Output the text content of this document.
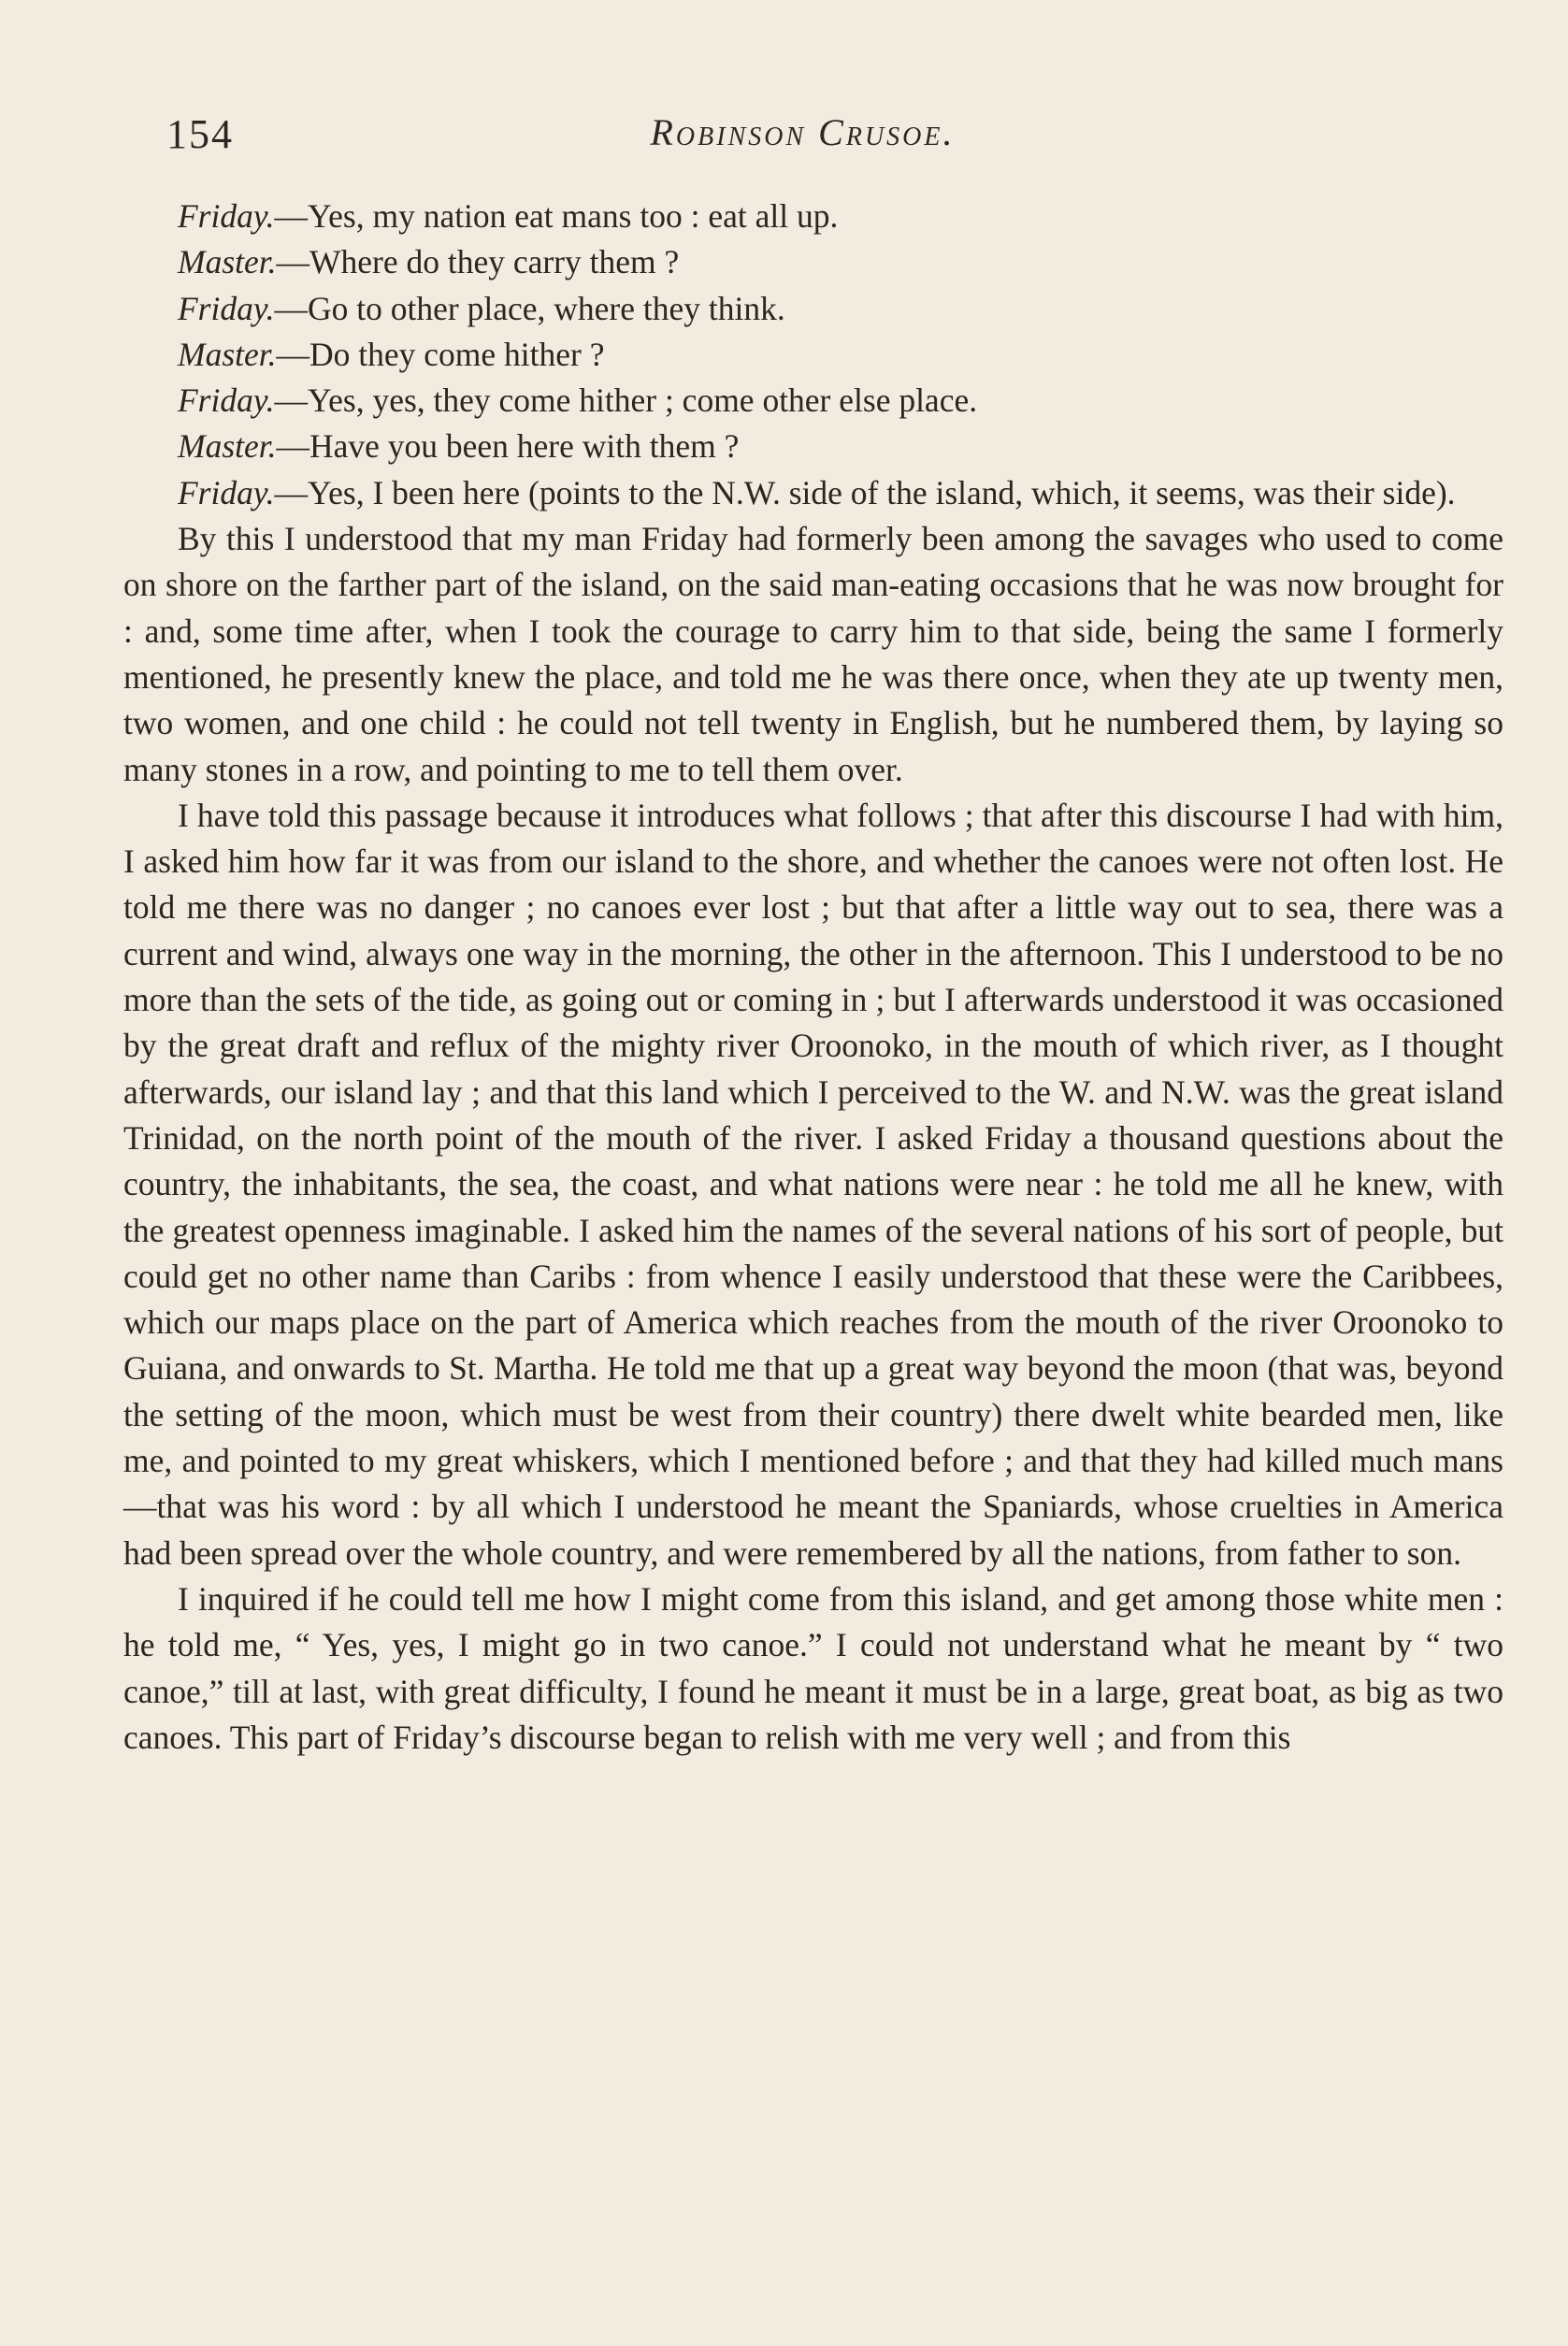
154	Robinson Crusoe.

Friday.—Yes, my nation eat mans too : eat all up.

Master.—Where do they carry them ?

Friday.—Go to other place, where they think.

Master.—Do they come hither ?

Friday.—Yes, yes, they come hither ; come other else place.

Master.—Have you been here with them ?

Friday.—Yes, I been here (points to the N.W. side of the island, which, it seems, was their side).

By this I understood that my man Friday had formerly been among the savages who used to come on shore on the farther part of the island, on the said man-eating occasions that he was now brought for : and, some time after, when I took the courage to carry him to that side, being the same I formerly mentioned, he presently knew the place, and told me he was there once, when they ate up twenty men, two women, and one child : he could not tell twenty in English, but he numbered them, by laying so many stones in a row, and pointing to me to tell them over.

I have told this passage because it introduces what follows ; that after this discourse I had with him, I asked him how far it was from our island to the shore, and whether the canoes were not often lost. He told me there was no danger ; no canoes ever lost ; but that after a little way out to sea, there was a current and wind, always one way in the morning, the other in the afternoon. This I understood to be no more than the sets of the tide, as going out or coming in ; but I afterwards understood it was occasioned by the great draft and reflux of the mighty river Oroonoko, in the mouth of which river, as I thought afterwards, our island lay ; and that this land which I perceived to the W. and N.W. was the great island Trinidad, on the north point of the mouth of the river. I asked Friday a thousand questions about the country, the inhabitants, the sea, the coast, and what nations were near : he told me all he knew, with the greatest openness imaginable. I asked him the names of the several nations of his sort of people, but could get no other name than Caribs : from whence I easily understood that these were the Caribbees, which our maps place on the part of America which reaches from the mouth of the river Oroonoko to Guiana, and onwards to St. Martha. He told me that up a great way beyond the moon (that was, beyond the setting of the moon, which must be west from their country) there dwelt white bearded men, like me, and pointed to my great whiskers, which I mentioned before ; and that they had killed much mans—that was his word : by all which I understood he meant the Spaniards, whose cruelties in America had been spread over the whole country, and were remembered by all the nations, from father to son.

I inquired if he could tell me how I might come from this island, and get among those white men : he told me, “ Yes, yes, I might go in two canoe.” I could not understand what he meant by “ two canoe,” till at last, with great difficulty, I found he meant it must be in a large, great boat, as big as two canoes. This part of Friday’s discourse began to relish with me very well ; and from this
